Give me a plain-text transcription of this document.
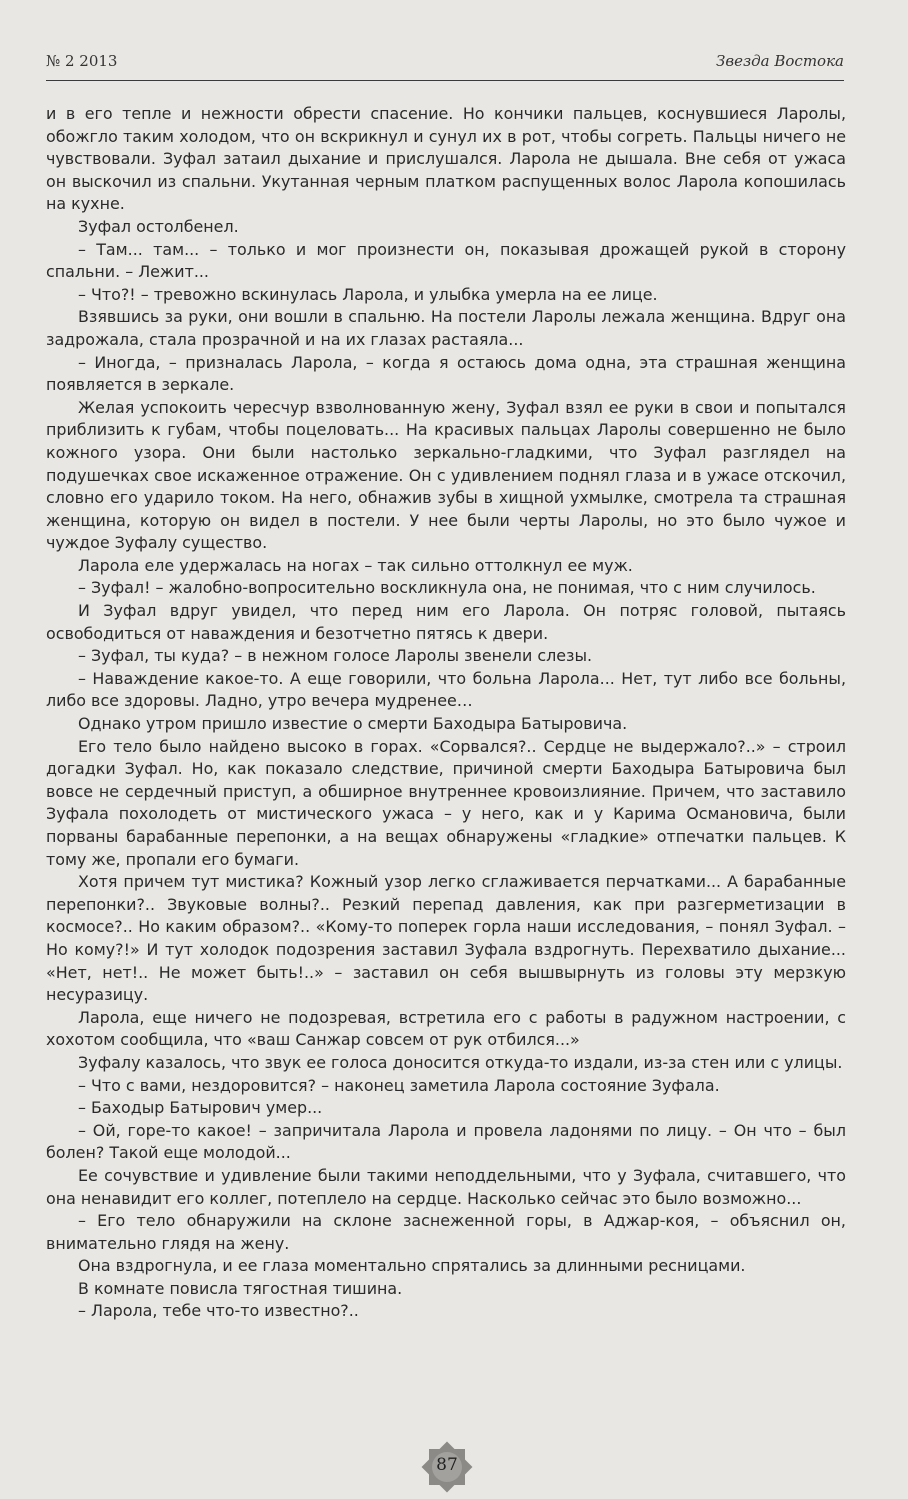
№ 2 2013	Звезда Востока

и в его тепле и нежности обрести спасение. Но кончики пальцев, коснувшиеся Ларолы, обожгло таким холодом, что он вскрикнул и сунул их в рот, чтобы согреть. Пальцы ничего не чувствовали. Зуфал затаил дыхание и прислушался. Ларола не дышала. Вне себя от ужаса он выскочил из спальни. Укутанная черным платком распущенных волос Ларола копошилась на кухне.

Зуфал остолбенел.

– Там... там... – только и мог произнести он, показывая дрожащей рукой в сторону спальни. – Лежит...

– Что?! – тревожно вскинулась Ларола, и улыбка умерла на ее лице.

Взявшись за руки, они вошли в спальню. На постели Ларолы лежала женщина. Вдруг она задрожала, стала прозрачной и на их глазах растаяла...

– Иногда, – призналась Ларола, – когда я остаюсь дома одна, эта страшная женщина появляется в зеркале.

Желая успокоить чересчур взволнованную жену, Зуфал взял ее руки в свои и попытался приблизить к губам, чтобы поцеловать... На красивых пальцах Ларолы совершенно не было кожного узора. Они были настолько зеркально-гладкими, что Зуфал разглядел на подушечках свое искаженное отражение. Он с удивлением поднял глаза и в ужасе отскочил, словно его ударило током. На него, обнажив зубы в хищной ухмылке, смотрела та страшная женщина, которую он видел в постели. У нее были черты Ларолы, но это было чужое и чуждое Зуфалу существо.

Ларола еле удержалась на ногах – так сильно оттолкнул ее муж.

– Зуфал! – жалобно-вопросительно воскликнула она, не понимая, что с ним случилось.

И Зуфал вдруг увидел, что перед ним его Ларола. Он потряс головой, пытаясь освободиться от наваждения и безотчетно пятясь к двери.

– Зуфал, ты куда? – в нежном голосе Ларолы звенели слезы.

– Наваждение какое-то. А еще говорили, что больна Ларола... Нет, тут либо все больны, либо все здоровы. Ладно, утро вечера мудренее…

Однако утром пришло известие о смерти Баходыра Батыровича.

Его тело было найдено высоко в горах. «Сорвался?.. Сердце не выдержало?..» – строил догадки Зуфал. Но, как показало следствие, причиной смерти Баходыра Батыровича был вовсе не сердечный приступ, а обширное внутреннее кровоизлияние. Причем, что заставило Зуфала похолодеть от мистического ужаса – у него, как и у Карима Османовича, были порваны барабанные перепонки, а на вещах обнаружены «гладкие» отпечатки пальцев. К тому же, пропали его бумаги.

Хотя причем тут мистика? Кожный узор легко сглаживается перчатками... А барабанные перепонки?.. Звуковые волны?.. Резкий перепад давления, как при разгерметизации в космосе?.. Но каким образом?.. «Кому-то поперек горла наши исследования, – понял Зуфал. – Но кому?!» И тут холодок подозрения заставил Зуфала вздрогнуть. Перехватило дыхание... «Нет, нет!.. Не может быть!..» – заставил он себя вышвырнуть из головы эту мерзкую несуразицу.

Ларола, еще ничего не подозревая, встретила его с работы в радужном настроении, с хохотом сообщила, что «ваш Санжар совсем от рук отбился...»

Зуфалу казалось, что звук ее голоса доносится откуда-то издали, из-за стен или с улицы.

– Что с вами, нездоровится? – наконец заметила Ларола состояние Зуфала.

– Баходыр Батырович умер...

– Ой, горе-то какое! – запричитала Ларола и провела ладонями по лицу. – Он что – был болен? Такой еще молодой...

Ее сочувствие и удивление были такими неподдельными, что у Зуфала, считавшего, что она ненавидит его коллег, потеплело на сердце. Насколько сейчас это было возможно...

– Его тело обнаружили на склоне заснеженной горы, в Аджар-коя, – объяснил он, внимательно глядя на жену.

Она вздрогнула, и ее глаза моментально спрятались за длинными ресницами.

В комнате повисла тягостная тишина.

– Ларола, тебе что-то известно?..

87
